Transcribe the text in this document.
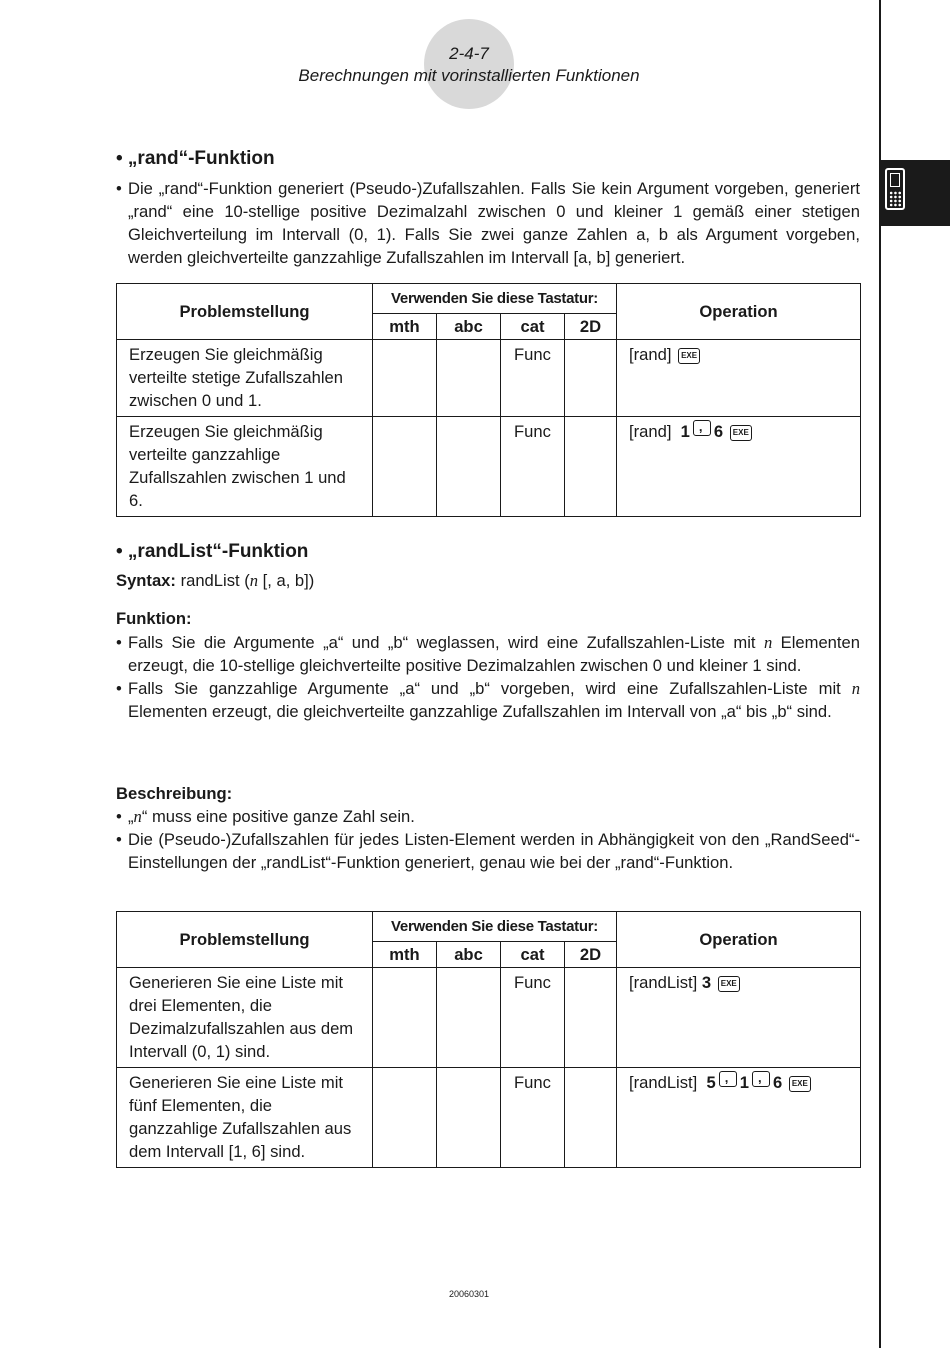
2-4-7
Berechnungen mit vorinstallierten Funktionen
• „rand“-Funktion
• Die „rand“-Funktion generiert (Pseudo-)Zufallszahlen. Falls Sie kein Argument vorgeben, generiert „rand“ eine 10-stellige positive Dezimalzahl zwischen 0 und kleiner 1 gemäß einer stetigen Gleichverteilung im Intervall (0, 1). Falls Sie zwei ganze Zahlen a, b als Argument vorgeben, werden gleichverteilte ganzzahlige Zufallszahlen im Intervall [a, b] generiert.
Problemstellung	Verwenden Sie diese Tastatur:				Operation
	mth	abc	cat	2D	
Erzeugen Sie gleichmäßig verteilte stetige Zufallszahlen zwischen 0 und 1.			Func		[rand] EXE
Erzeugen Sie gleichmäßig verteilte ganzzahlige Zufallszahlen zwischen 1 und 6.			Func		[rand] 1 , 6 EXE
• „randList“-Funktion
Syntax: randList (n [, a, b])
Funktion:
• Falls Sie die Argumente „a“ und „b“ weglassen, wird eine Zufallszahlen-Liste mit n Elementen erzeugt, die 10-stellige gleichverteilte positive Dezimalzahlen zwischen 0 und kleiner 1 sind.
• Falls Sie ganzzahlige Argumente „a“ und „b“ vorgeben, wird eine Zufallszahlen-Liste mit n Elementen erzeugt, die gleichverteilte ganzzahlige Zufallszahlen im Intervall von „a“ bis „b“ sind.
Beschreibung:
• „n“ muss eine positive ganze Zahl sein.
• Die (Pseudo-)Zufallszahlen für jedes Listen-Element werden in Abhängigkeit von den „RandSeed“-Einstellungen der „randList“-Funktion generiert, genau wie bei der „rand“-Funktion.
Problemstellung	Verwenden Sie diese Tastatur:				Operation
	mth	abc	cat	2D	
Generieren Sie eine Liste mit drei Elementen, die Dezimalzufallszahlen aus dem Intervall (0, 1) sind.			Func		[randList] 3 EXE
Generieren Sie eine Liste mit fünf Elementen, die ganzzahlige Zufallszahlen aus dem Intervall [1, 6] sind.			Func		[randList] 5 , 1 , 6 EXE
20060301
